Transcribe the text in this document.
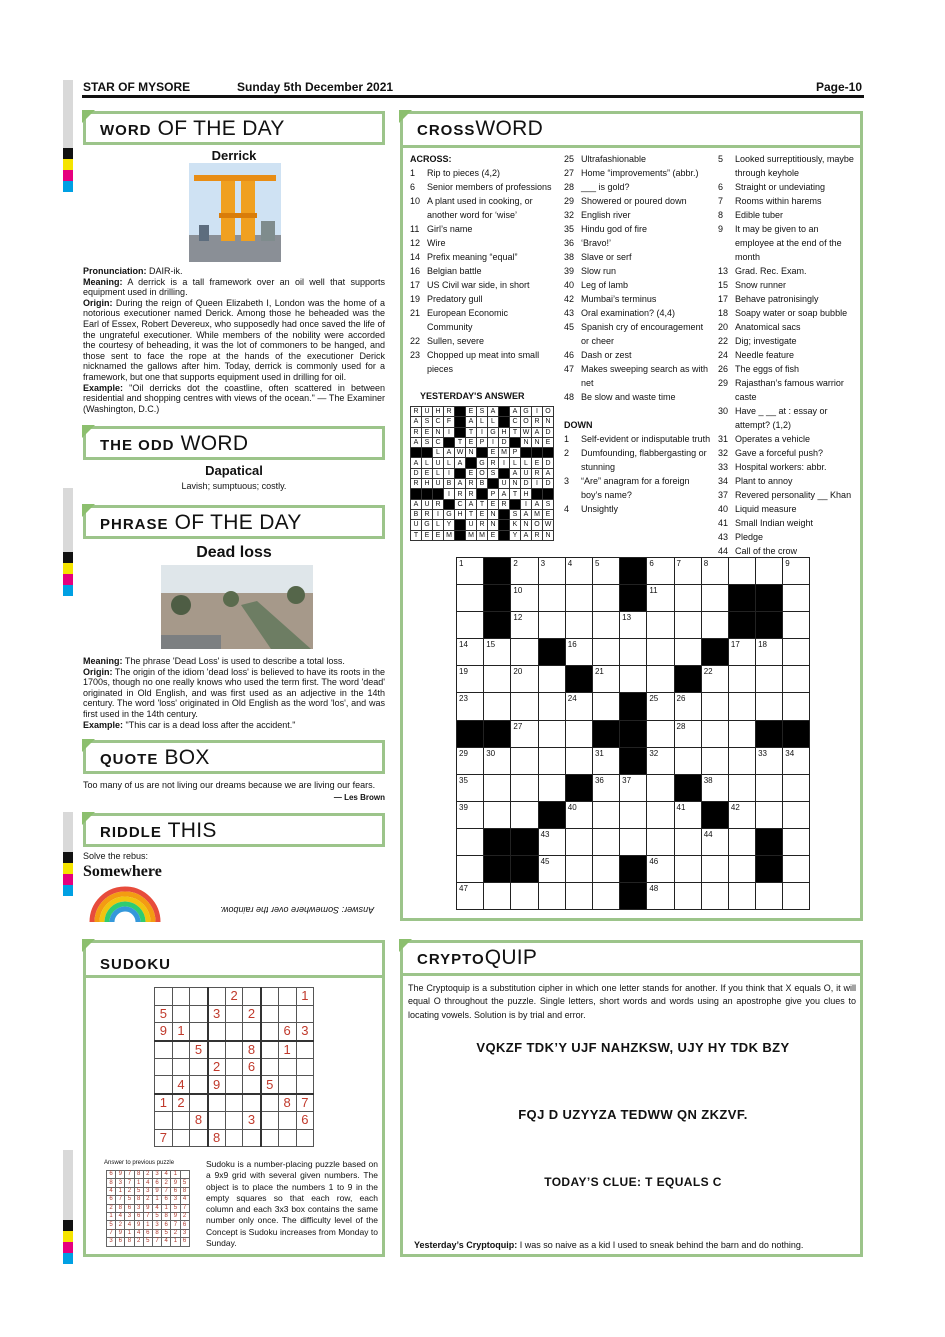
STAR OF MYSORE	Sunday 5th December 2021	Page-10
WORD OF THE DAY
Derrick
Pronunciation: DAIR-ik.
Meaning: A derrick is a tall framework over an oil well that supports equipment used in drilling.
Origin: During the reign of Queen Elizabeth I, London was the home of a notorious executioner named Derick. Among those he beheaded was the Earl of Essex, Robert Devereux, who supposedly had once saved the life of the ungrateful executioner. While members of the nobility were accorded the courtesy of beheading, it was the lot of commoners to be hanged, and those sent to face the rope at the hands of the executioner Derick nicknamed the gallows after him. Today, derrick is commonly used for a framework, but one that supports equipment used in drilling for oil.
Example: "Oil derricks dot the coastline, often scattered in between residential and shopping centres with views of the ocean." — The Examiner (Washington, D.C.)
THE ODD WORD
Dapatical
Lavish; sumptuous; costly.
PHRASE OF THE DAY
Dead loss
Meaning: The phrase 'Dead Loss' is used to describe a total loss.
Origin: The origin of the idiom 'dead loss' is believed to have its roots in the 1700s, though no one really knows who used the term first. The word 'dead' originated in Old English, and was first used as an adjective in the 14th century. The word 'loss' originated in Old English as the word 'los', and was first used in the 14th century.
Example: "This car is a dead loss after the accident."
QUOTE BOX
Too many of us are not living our dreams because we are living our fears.
— Les Brown
RIDDLE THIS
Solve the rebus:
Somewhere
Answer: Somewhere over the rainbow.
SUDOKU
				2				1
5			3		2			
9	1						6	3
		5			8		1	
			2		6			
	4		9			5		
1	2						8	7
		8			3			6
7			8					
Answer to previous puzzle
6	9	7	8	2	3	4	1	
8	3	7	1	4	6	2	9	5
4	1	2	5	3	9	7	6	8
6	7	5	8	2	1	6	3	4
2	8	6	3	9	4	1	5	7
1	4	3	6	7	5	8	9	2
5	2	4	9	1	3	6	7	6
7	9	1	4	6	8	5	2	3
3	6	8	2	5	7	4	1	6
Sudoku is a number-placing puzzle based on a 9x9 grid with several given numbers. The object is to place the numbers 1 to 9 in the empty squares so that each row, each column and each 3x3 box contains the same number only once. The difficulty level of the Concept is Sudoku increases from Monday to Sunday.
CROSSWORD
ACROSS:
1	Rip to pieces (4,2)
6	Senior members of professions
10 A plant used in cooking, or another word for ‘wise’
11 Girl’s name
12 Wire
14 Prefix meaning “equal”
16 Belgian battle
17 US Civil war side, in short
19 Predatory gull
21 European Economic Community
22 Sullen, severe
23 Chopped up meat into small pieces
25 Ultrafashionable
27 Home “improvements” (abbr.)
28 ___ is gold?
29 Showered or poured down
32 English river
35 Hindu god of fire
36 ‘Bravo!’
38 Slave or serf
39 Slow run
40 Leg of lamb
42 Mumbai’s terminus
43 Oral examination? (4,4)
45 Spanish cry of encouragement or cheer
46 Dash or zest
47 Makes sweeping search as with net
48 Be slow and waste time
DOWN
1	Self-evident or indisputable truth
2	Dumfounding, flabbergasting or stunning
3	“Are” anagram for a foreign boy’s name?
4	Unsightly
5	Looked surreptitiously, maybe through keyhole
6	Straight or undeviating
7	Rooms within harems
8	Edible tuber
9	It may be given to an employee at the end of the month
13 Grad. Rec. Exam.
15 Snow runner
17 Behave patronisingly
18 Soapy water or soap bubble
20 Anatomical sacs
22 Dig; investigate
24 Needle feature
26 The eggs of fish
29 Rajasthan’s famous warrior caste
30 Have _ __ at : essay or attempt? (1,2)
31 Operates a vehicle
32 Gave a forceful push?
33 Hospital workers: abbr.
34 Plant to annoy
37 Revered personality __ Khan
40 Liquid measure
41 Small Indian weight
43 Pledge
44 Call of the crow
YESTERDAY'S ANSWER
R	U	H	R		E	S	A		A	G	I	O
A	S	C	F		A	L	L		C	O	R	N
R	E	N	I		T	I	G	H	T	W	A	D
A	S	C		T	E	P	I	D		N	N	E
		L	A	W	N		E	M	P			
A	L	U	L	A		G	R	I	L	L	E	D
D	E	L	I		E	O	S		A	U	R	A
R	H	U	B	A	R	B		U	N	D	I	D
			I	R	R		P	A	T	H		
A	U	R		C	A	T	E	R		I	A	S
B	R	I	G	H	T	E	N		S	A	M	E
U	G	L	Y		U	R	N		K	N	O	W
T	E	E	M		M	M	E		Y	A	R	N
1		2	3	4	5		6	7	8			9
		10					11					
		12				13						
14	15			16						17	18	
19		20			21				22			
23				24			25	26				
		27						28				
29	30				31		32				33	34
35					36	37			38			
39				40				41		42		
			43						44			
			45				46					
47							48					
CRYPTOQUIP
The Cryptoquip is a substitution cipher in which one letter stands for another. If you think that X equals O, it will equal O throughout the puzzle. Single letters, short words and words using an apostrophe give you clues to locating vowels. Solution is by trial and error.
VQKZF TDK’Y UJF NAHZKSW, UJY HY TDK BZY
FQJ D UZYYZA TEDWW QN ZKZVF.
TODAY’S CLUE: T EQUALS C
Yesterday’s Cryptoquip: I was so naive as a kid I used to sneak behind the barn and do nothing.
